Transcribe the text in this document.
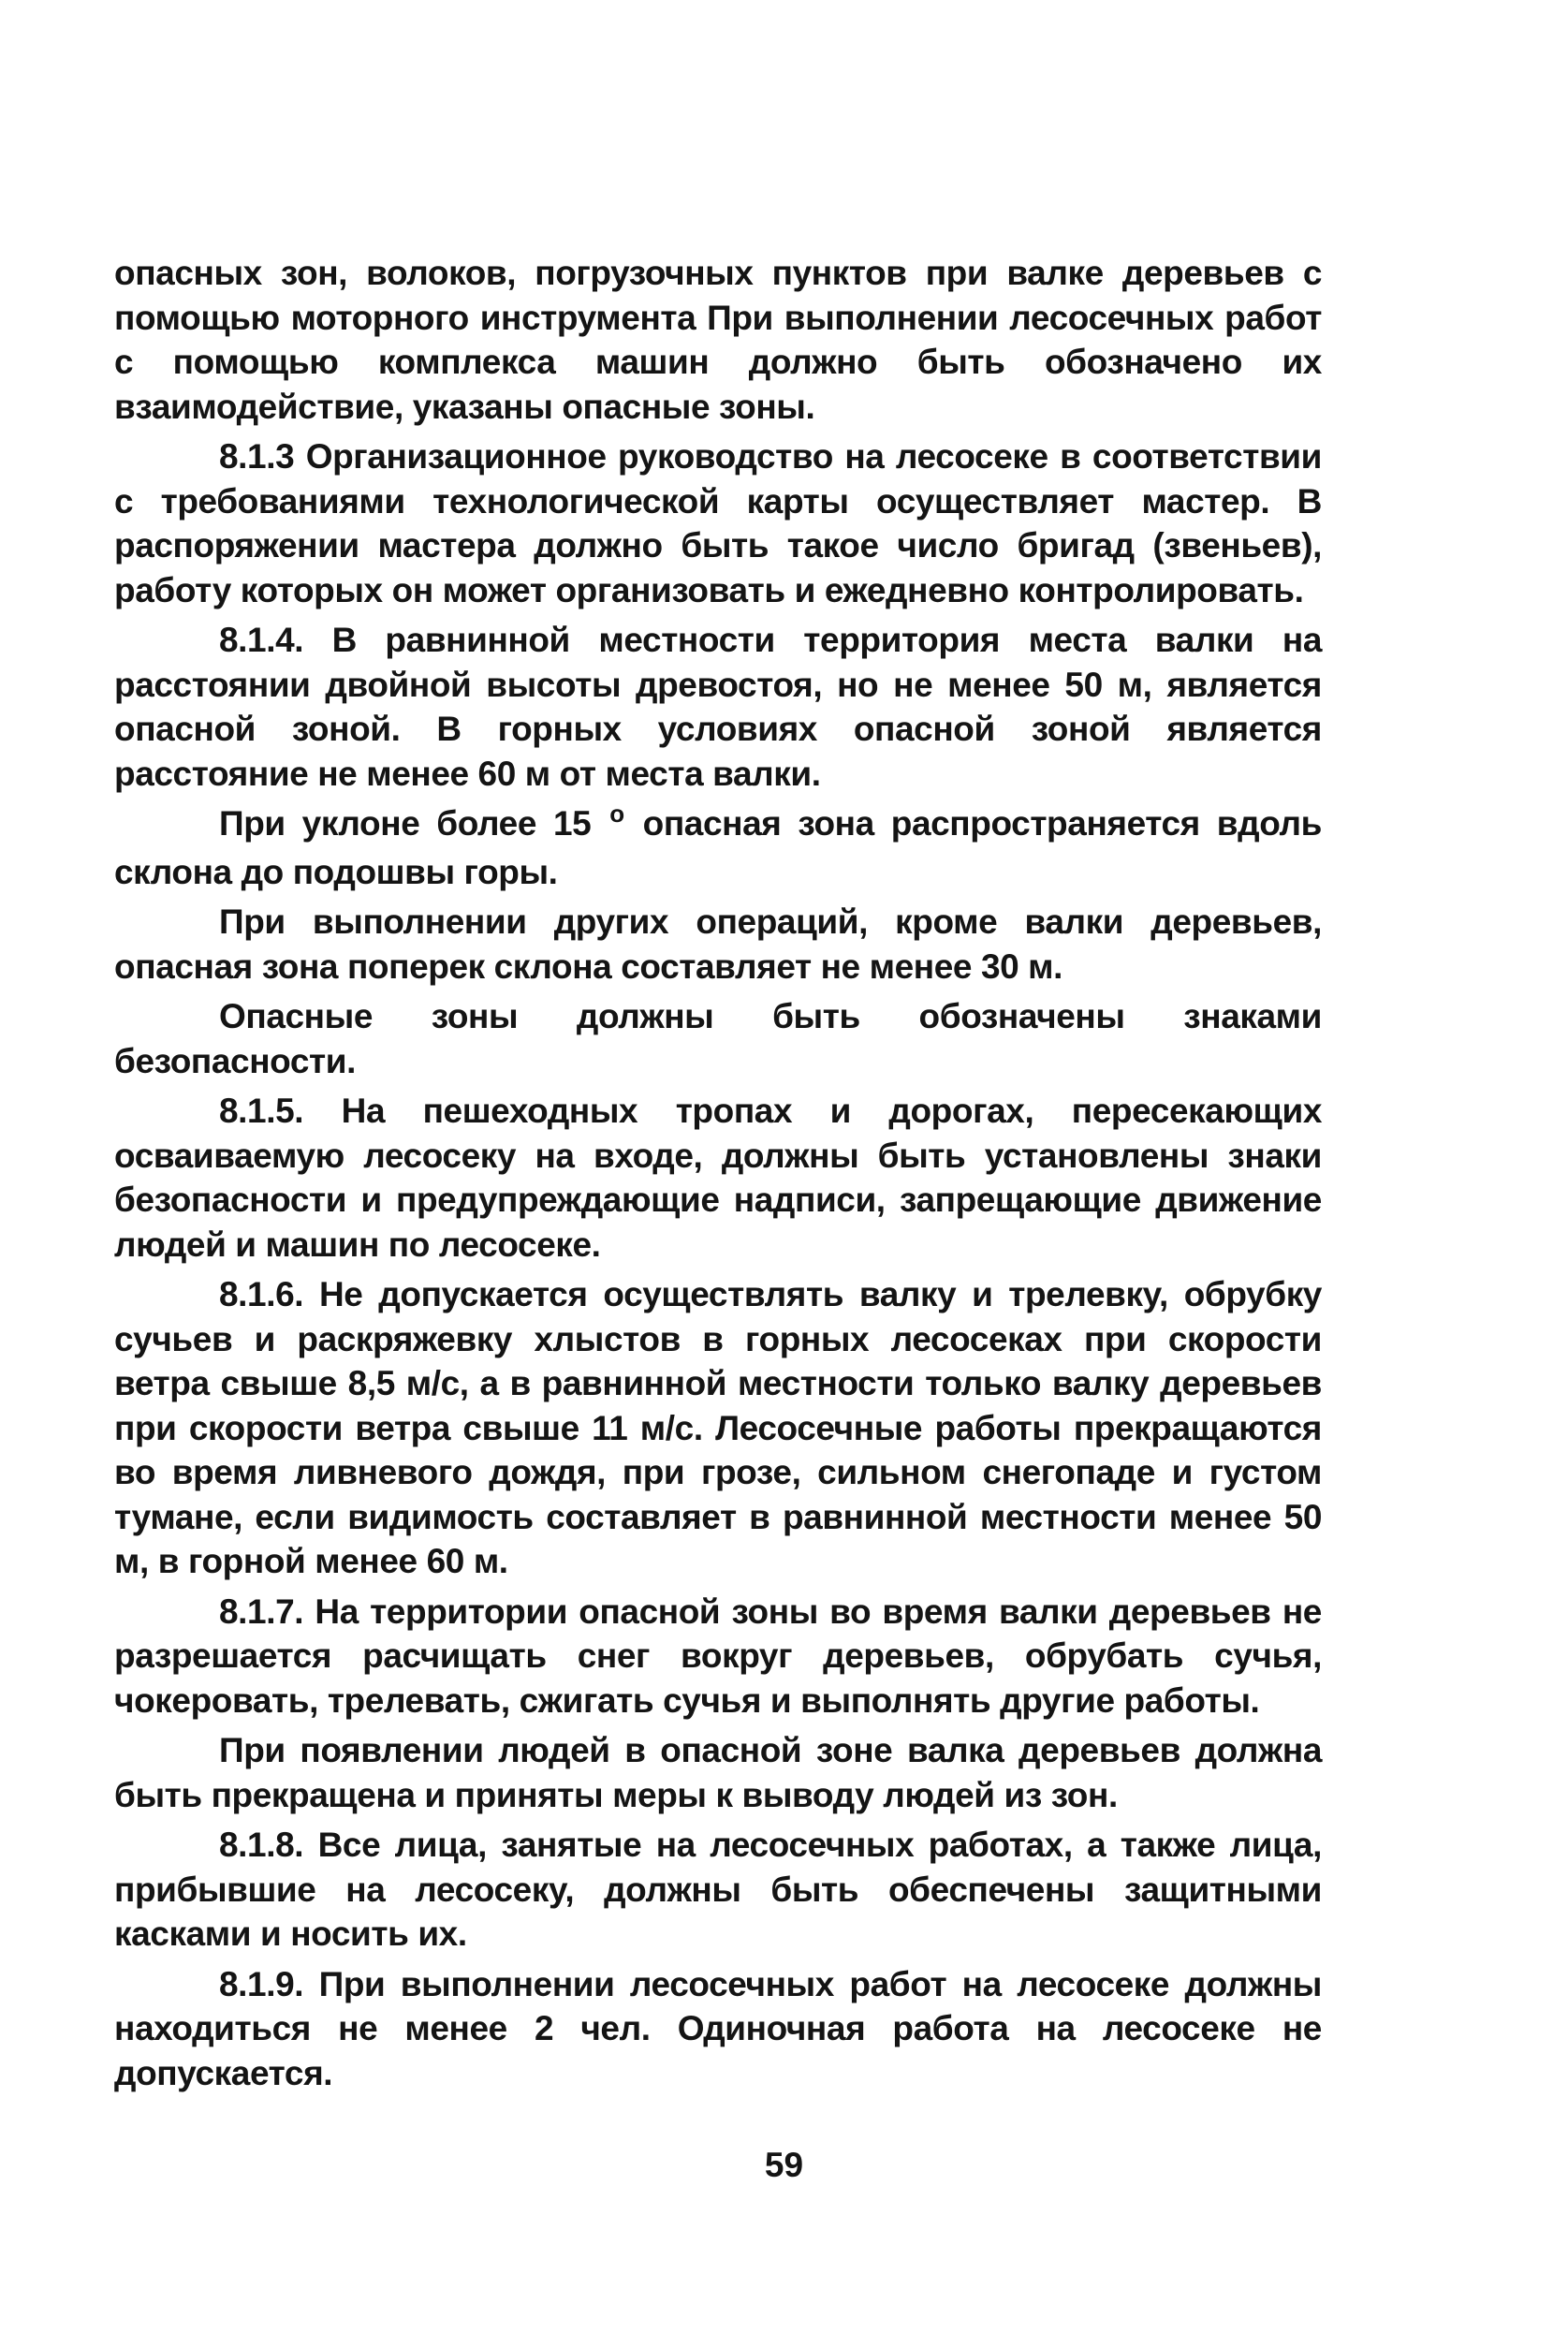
опасных зон, волоков, погрузочных пунктов при валке деревьев с помощью моторного инструмента При выполнении лесосечных работ с помощью комплекса машин должно быть обозначено их взаимодействие, указаны опасные зоны.

8.1.3 Организационное руководство на лесосеке в соответствии с требованиями технологической карты осуществляет мастер. В распоряжении мастера должно быть такое число бригад (звеньев), работу которых он может организовать и ежедневно контролировать.

8.1.4. В равнинной местности территория места валки на расстоянии двойной высоты древостоя, но не менее 50 м, является опасной зоной. В горных условиях опасной зоной является расстояние не менее 60 м от места валки.

При уклоне более 15 $^о$ опасная зона распространяется вдоль склона до подошвы горы.

При выполнении других операций, кроме валки деревьев, опасная зона поперек склона составляет не менее 30 м.

Опасные зоны должны быть обозначены знаками безопасности.

8.1.5. На пешеходных тропах и дорогах, пересекающих осваиваемую лесосеку на входе, должны быть установлены знаки безопасности и предупреждающие надписи, запрещающие движение людей и машин по лесосеке.

8.1.6. Не допускается осуществлять валку и трелевку, обрубку сучьев и раскряжевку хлыстов в горных лесосеках при скорости ветра свыше 8,5 м/с, а в равнинной местности только валку деревьев при скорости ветра свыше 11 м/с. Лесосечные работы прекращаются во время ливневого дождя, при грозе, сильном снегопаде и густом тумане, если видимость составляет в равнинной местности менее 50 м, в горной менее 60 м.

8.1.7. На территории опасной зоны во время валки деревьев не разрешается расчищать снег вокруг деревьев, обрубать сучья, чокеровать, трелевать, сжигать сучья и выполнять другие работы.

При появлении людей в опасной зоне валка деревьев должна быть прекращена и приняты меры к выводу людей из зон.

8.1.8. Все лица, занятые на лесосечных работах, а также лица, прибывшие на лесосеку, должны быть обеспечены защитными касками и носить их.

8.1.9. При выполнении лесосечных работ на лесосеке должны находиться не менее 2 чел. Одиночная работа на лесосеке не допускается.

59
